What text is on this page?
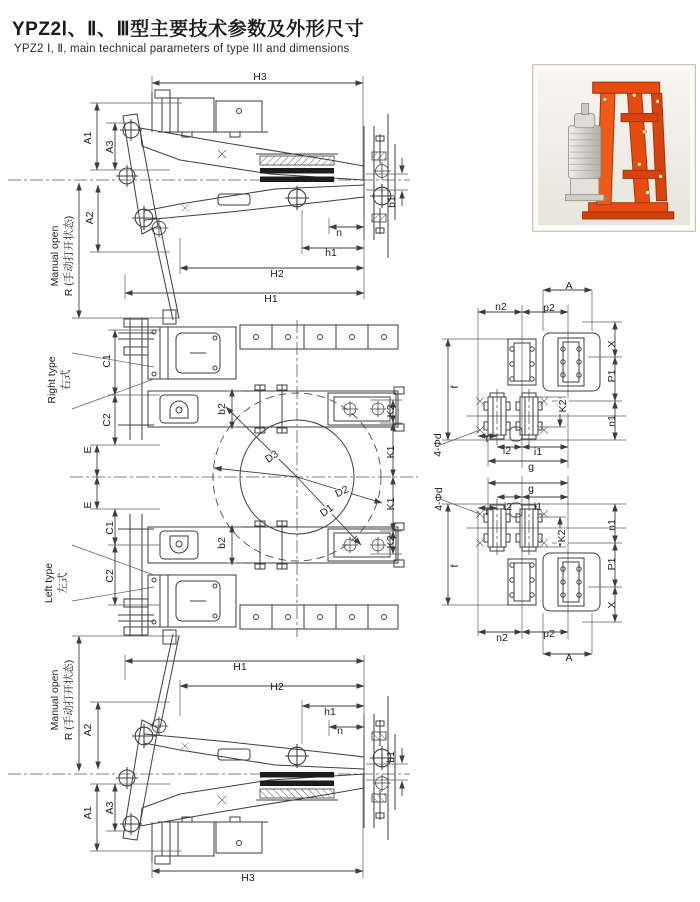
YPZ2Ⅰ、Ⅱ、Ⅲ型主要技术参数及外形尺寸

YPZ2 Ⅰ, Ⅱ, main technical parameters of type III and dimensions

H3
A1
A3
A2
Manual open R (手动打开状态)
b1
n
h1
H2
H1
Right type 右式
C1
C2
E
E
C1
C2
Left type 左式
b2
b2
D3
D2
D1
K2
K1
K1
K2
A
n2	p2
X
P1
n1
f
K2
t
i2 i1
g
4-Φd
g
t i2 i1
n1
K2
P1
f
X
n2	p2
A
4-Φd
H1
H2
h1
n
Manual open R (手动打开状态) A2
A1 A3
b1
H3
